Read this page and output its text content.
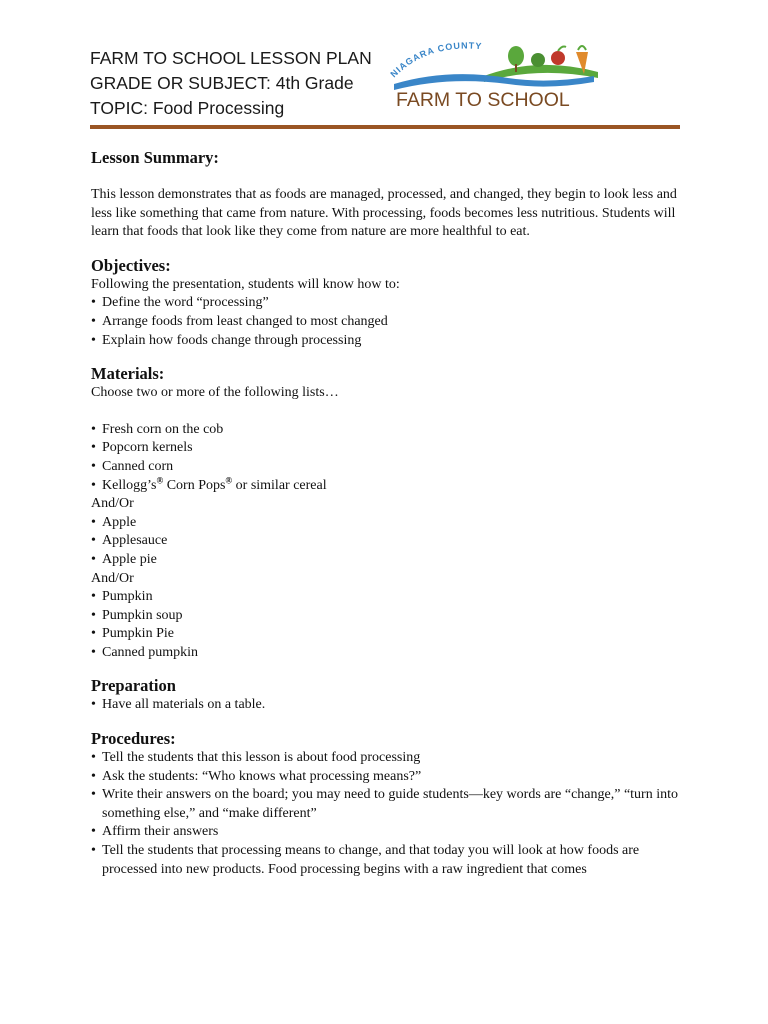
FARM TO SCHOOL LESSON PLAN
GRADE OR SUBJECT: 4th Grade
TOPIC: Food Processing
NIAGARA COUNTY
FARM TO SCHOOL
Lesson Summary:

This lesson demonstrates that as foods are managed, processed, and changed, they begin to look less and less like something that came from nature. With processing, foods becomes less nutritious. Students will learn that foods that look like they come from nature are more healthful to eat.

Objectives:

Following the presentation, students will know how to:

• Define the word “processing”
• Arrange foods from least changed to most changed
• Explain how foods change through processing
Materials:

Choose two or more of the following lists…

• Fresh corn on the cob
• Popcorn kernels
• Canned corn
• Kellogg’s® Corn Pops® or similar cereal

And/Or

• Apple
• Applesauce
• Apple pie

And/Or

• Pumpkin
• Pumpkin soup
• Pumpkin Pie
• Canned pumpkin
Preparation
• Have all materials on a table.
Procedures:
• Tell the students that this lesson is about food processing
• Ask the students: “Who knows what processing means?”
• Write their answers on the board; you may need to guide students—key words are “change,” “turn into something else,” and “make different”
• Affirm their answers
• Tell the students that processing means to change, and that today you will look at how foods are processed into new products. Food processing begins with a raw ingredient that comes
